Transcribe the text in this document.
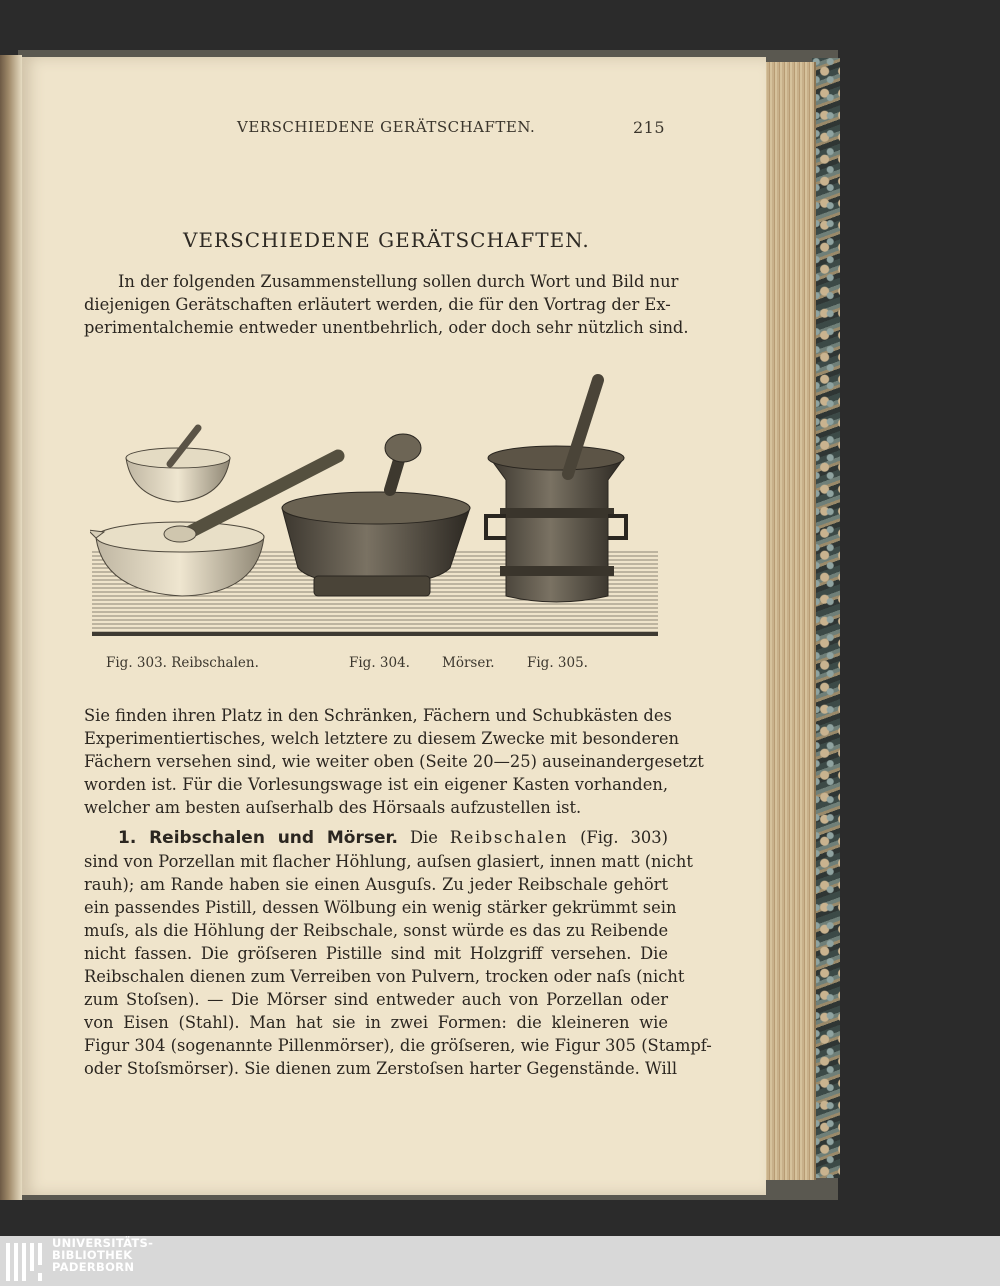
VERSCHIEDENE GERÄTSCHAFTEN.	215
VERSCHIEDENE GERÄTSCHAFTEN.
In der folgenden Zusammenstellung sollen durch Wort und Bild nur
diejenigen Gerätschaften erläutert werden, die für den Vortrag der Ex-
perimentalchemie entweder unentbehrlich, oder doch sehr nützlich sind.
Fig. 303. Reibschalen.	Fig. 304. Mörser. Fig. 305.
Sie finden ihren Platz in den Schränken, Fächern und Schubkästen des
Experimentiertisches, welch letztere zu diesem Zwecke mit besonderen
Fächern versehen sind, wie weiter oben (Seite 20—25) auseinandergesetzt
worden ist. Für die Vorlesungswage ist ein eigener Kasten vorhanden,
welcher am besten auſserhalb des Hörsaals aufzustellen ist.
1. Reibschalen und Mörser. Die Reibschalen (Fig. 303)
sind von Porzellan mit flacher Höhlung, auſsen glasiert, innen matt (nicht
rauh); am Rande haben sie einen Ausguſs. Zu jeder Reibschale gehört
ein passendes Pistill, dessen Wölbung ein wenig stärker gekrümmt sein
muſs, als die Höhlung der Reibschale, sonst würde es das zu Reibende
nicht fassen. Die gröſseren Pistille sind mit Holzgriff versehen. Die
Reibschalen dienen zum Verreiben von Pulvern, trocken oder naſs (nicht
zum Stoſsen). — Die Mörser sind entweder auch von Porzellan oder
von Eisen (Stahl). Man hat sie in zwei Formen: die kleineren wie
Figur 304 (sogenannte Pillenmörser), die gröſseren, wie Figur 305 (Stampf-
oder Stoſsmörser). Sie dienen zum Zerstoſsen harter Gegenstände. Will
UNIVERSITÄTS-
BIBLIOTHEK
PADERBORN
